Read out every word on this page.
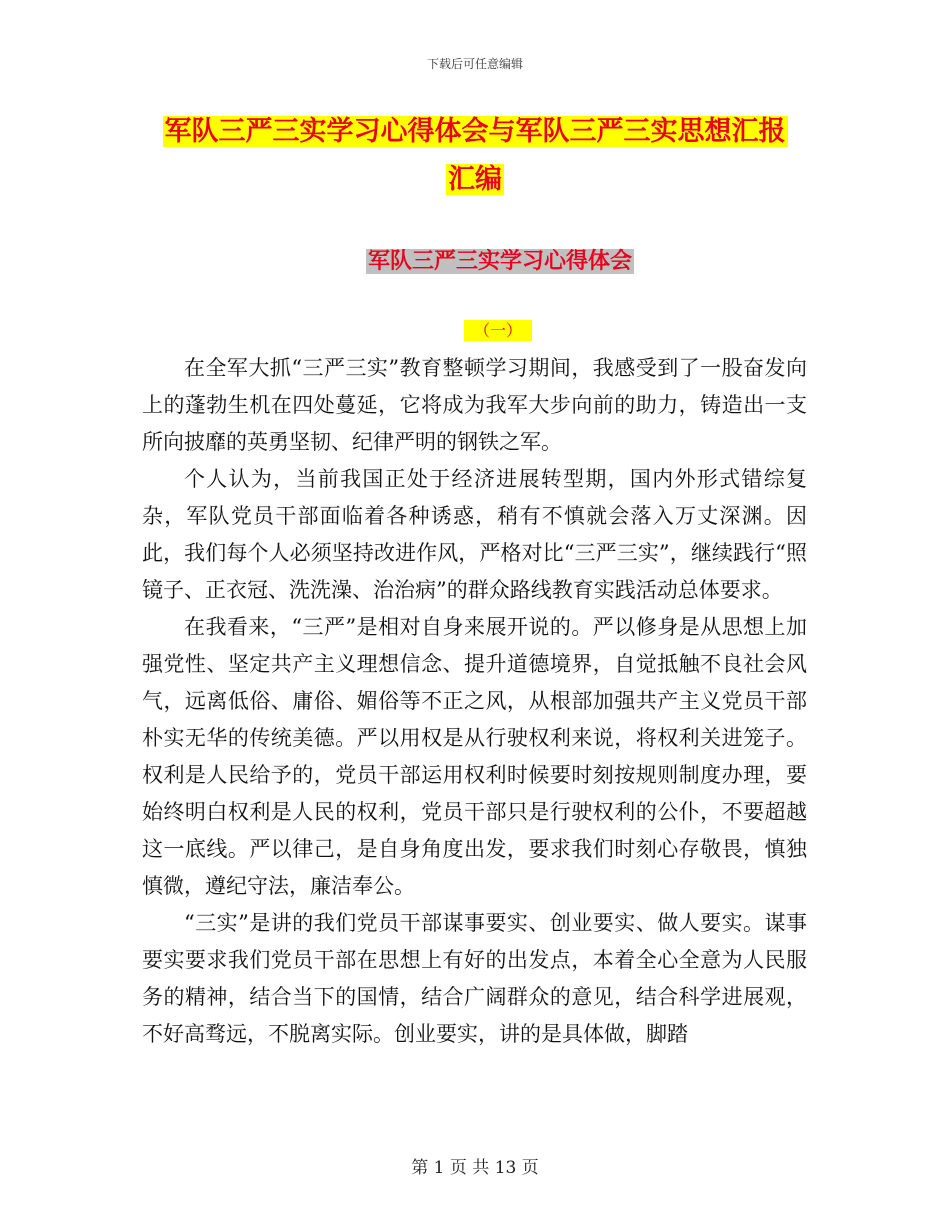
下载后可任意编辑
军队三严三实学习心得体会与军队三严三实思想汇报
汇编
军队三严三实学习心得体会
（一）

在全军大抓“三严三实”教育整顿学习期间，我感受到了一股奋发向上的蓬勃生机在四处蔓延，它将成为我军大步向前的助力，铸造出一支所向披靡的英勇坚韧、纪律严明的钢铁之军。

个人认为，当前我国正处于经济进展转型期，国内外形式错综复杂，军队党员干部面临着各种诱惑，稍有不慎就会落入万丈深渊。因此，我们每个人必须坚持改进作风，严格对比“三严三实”，继续践行“照镜子、正衣冠、洗洗澡、治治病”的群众路线教育实践活动总体要求。

在我看来，“三严”是相对自身来展开说的。严以修身是从思想上加强党性、坚定共产主义理想信念、提升道德境界，自觉抵触不良社会风气，远离低俗、庸俗、媚俗等不正之风，从根部加强共产主义党员干部朴实无华的传统美德。严以用权是从行驶权利来说，将权利关进笼子。权利是人民给予的，党员干部运用权利时候要时刻按规则制度办理，要始终明白权利是人民的权利，党员干部只是行驶权利的公仆，不要超越这一底线。严以律己，是自身角度出发，要求我们时刻心存敬畏，慎独慎微，遵纪守法，廉洁奉公。

“三实”是讲的我们党员干部谋事要实、创业要实、做人要实。谋事要实要求我们党员干部在思想上有好的出发点，本着全心全意为人民服务的精神，结合当下的国情，结合广阔群众的意见，结合科学进展观，不好高骛远，不脱离实际。创业要实，讲的是具体做，脚踏

第 1 页 共 13 页
